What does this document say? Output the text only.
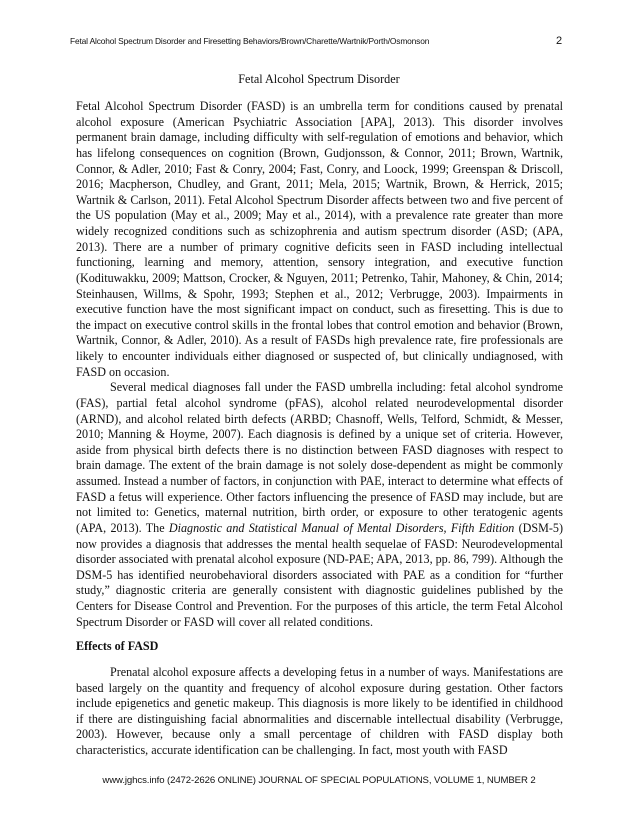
Fetal Alcohol Spectrum Disorder and Firesetting Behaviors/Brown/Charette/Wartnik/Porth/Osmonson	2
Fetal Alcohol Spectrum Disorder

Fetal Alcohol Spectrum Disorder (FASD) is an umbrella term for conditions caused by prenatal alcohol exposure (American Psychiatric Association [APA], 2013). This disorder involves permanent brain damage, including difficulty with self-regulation of emotions and behavior, which has lifelong consequences on cognition (Brown, Gudjonsson, & Connor, 2011; Brown, Wartnik, Connor, & Adler, 2010; Fast & Conry, 2004; Fast, Conry, and Loock, 1999; Greenspan & Driscoll, 2016; Macpherson, Chudley, and Grant, 2011; Mela, 2015; Wartnik, Brown, & Herrick, 2015; Wartnik & Carlson, 2011). Fetal Alcohol Spectrum Disorder affects between two and five percent of the US population (May et al., 2009; May et al., 2014), with a prevalence rate greater than more widely recognized conditions such as schizophrenia and autism spectrum disorder (ASD; (APA, 2013). There are a number of primary cognitive deficits seen in FASD including intellectual functioning, learning and memory, attention, sensory integration, and executive function (Kodituwakku, 2009; Mattson, Crocker, & Nguyen, 2011; Petrenko, Tahir, Mahoney, & Chin, 2014; Steinhausen, Willms, & Spohr, 1993; Stephen et al., 2012; Verbrugge, 2003). Impairments in executive function have the most significant impact on conduct, such as firesetting. This is due to the impact on executive control skills in the frontal lobes that control emotion and behavior (Brown, Wartnik, Connor, & Adler, 2010). As a result of FASDs high prevalence rate, fire professionals are likely to encounter individuals either diagnosed or suspected of, but clinically undiagnosed, with FASD on occasion.

Several medical diagnoses fall under the FASD umbrella including: fetal alcohol syndrome (FAS), partial fetal alcohol syndrome (pFAS), alcohol related neurodevelopmental disorder (ARND), and alcohol related birth defects (ARBD; Chasnoff, Wells, Telford, Schmidt, & Messer, 2010; Manning & Hoyme, 2007). Each diagnosis is defined by a unique set of criteria. However, aside from physical birth defects there is no distinction between FASD diagnoses with respect to brain damage. The extent of the brain damage is not solely dose-dependent as might be commonly assumed. Instead a number of factors, in conjunction with PAE, interact to determine what effects of FASD a fetus will experience. Other factors influencing the presence of FASD may include, but are not limited to: Genetics, maternal nutrition, birth order, or exposure to other teratogenic agents (APA, 2013). The Diagnostic and Statistical Manual of Mental Disorders, Fifth Edition (DSM-5) now provides a diagnosis that addresses the mental health sequelae of FASD: Neurodevelopmental disorder associated with prenatal alcohol exposure (ND-PAE; APA, 2013, pp. 86, 799). Although the DSM-5 has identified neurobehavioral disorders associated with PAE as a condition for “further study,” diagnostic criteria are generally consistent with diagnostic guidelines published by the Centers for Disease Control and Prevention. For the purposes of this article, the term Fetal Alcohol Spectrum Disorder or FASD will cover all related conditions.

Effects of FASD

Prenatal alcohol exposure affects a developing fetus in a number of ways. Manifestations are based largely on the quantity and frequency of alcohol exposure during gestation. Other factors include epigenetics and genetic makeup. This diagnosis is more likely to be identified in childhood if there are distinguishing facial abnormalities and discernable intellectual disability (Verbrugge, 2003). However, because only a small percentage of children with FASD display both characteristics, accurate identification can be challenging. In fact, most youth with FASD

www.jghcs.info (2472-2626 ONLINE) JOURNAL OF SPECIAL POPULATIONS, VOLUME 1, NUMBER 2
